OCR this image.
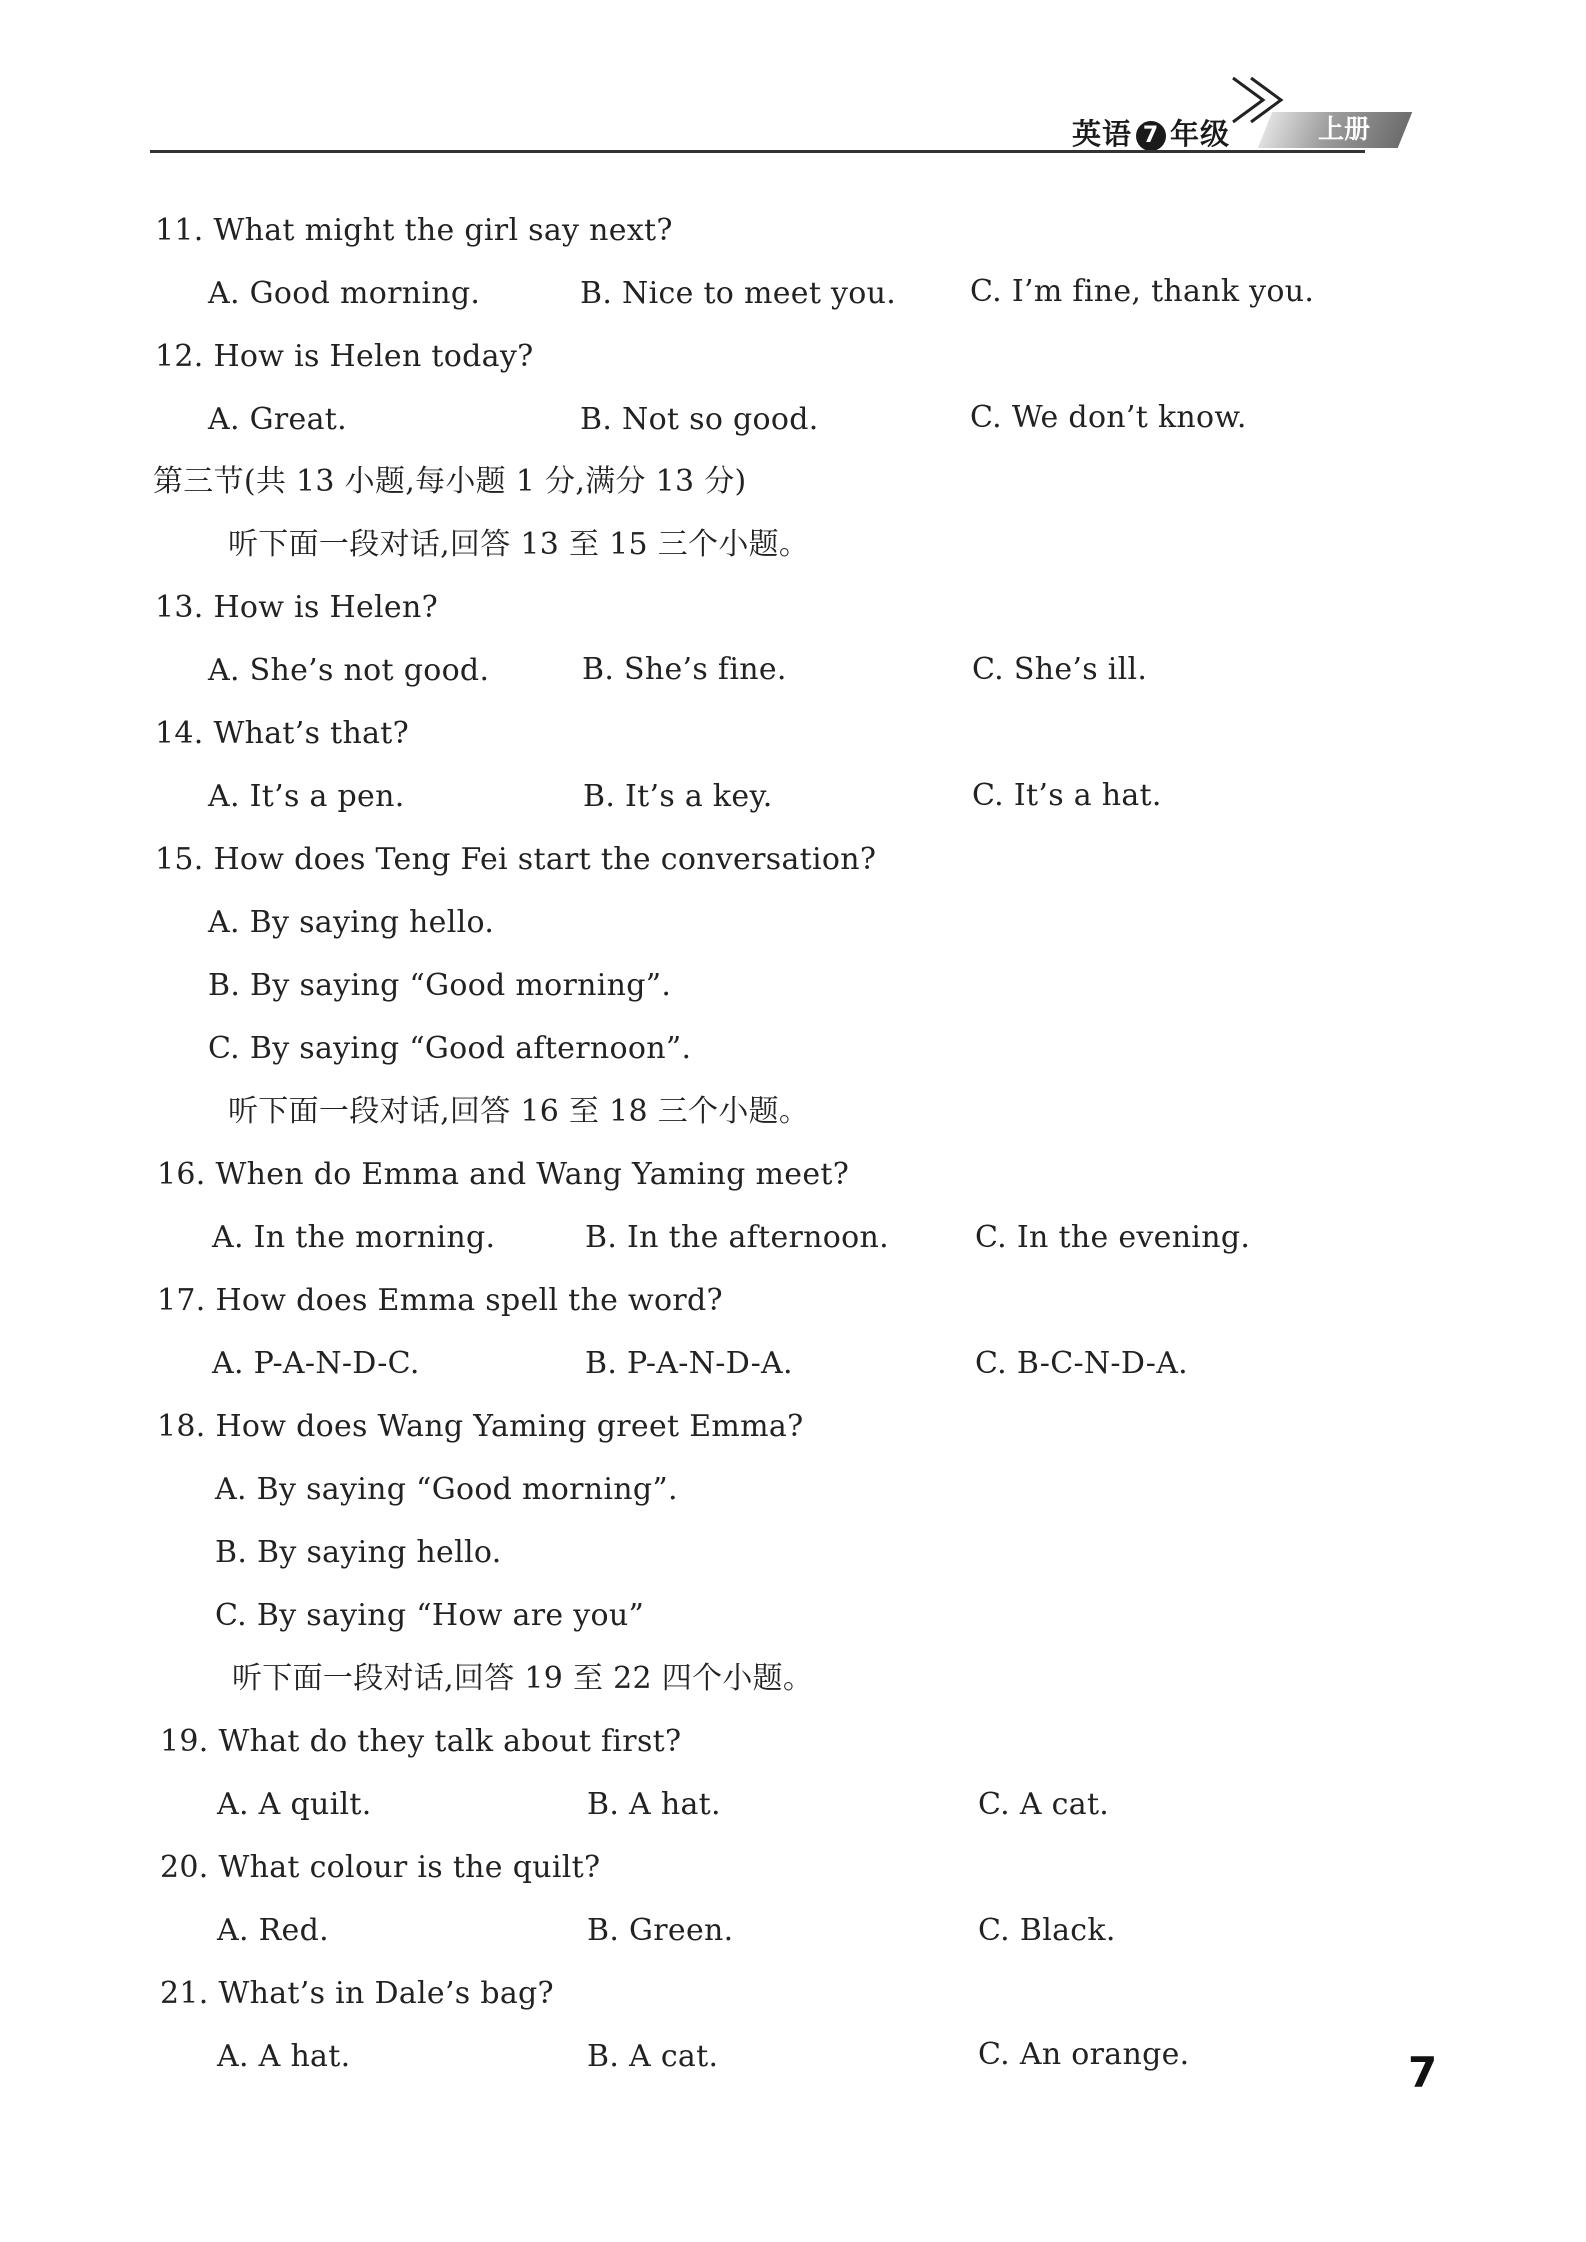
英语 7 年级	上册
11. What might the girl say next?
A. Good morning.	B. Nice to meet you. C. I’m fine, thank you.
12. How is Helen today?
A. Great.	B. Not so good.	C. We don’t know.
第三节(共 13 小题,每小题 1 分,满分 13 分)
听下面一段对话,回答 13 至 15 三个小题。
13. How is Helen?
A. She’s not good.	B. She’s fine.	C. She’s ill.
14. What’s that?
A. It’s a pen.	B. It’s a key.	C. It’s a hat.
15. How does Teng Fei start the conversation?
A. By saying hello.
B. By saying “Good morning”.
C. By saying “Good afternoon”.
听下面一段对话,回答 16 至 18 三个小题。
16. When do Emma and Wang Yaming meet?
A. In the morning.	B. In the afternoon.	C. In the evening.
17. How does Emma spell the word?
A. P-A-N-D-C.	B. P-A-N-D-A.	C. B-C-N-D-A.
18. How does Wang Yaming greet Emma?
A. By saying “Good morning”.
B. By saying hello.
C. By saying “How are you”
听下面一段对话,回答 19 至 22 四个小题。
19. What do they talk about first?
A. A quilt.	B. A hat.	C. A cat.
20. What colour is the quilt?
A. Red.	B. Green.	C. Black.
21. What’s in Dale’s bag?
A. A hat.	B. A cat.	C. An orange.	7
